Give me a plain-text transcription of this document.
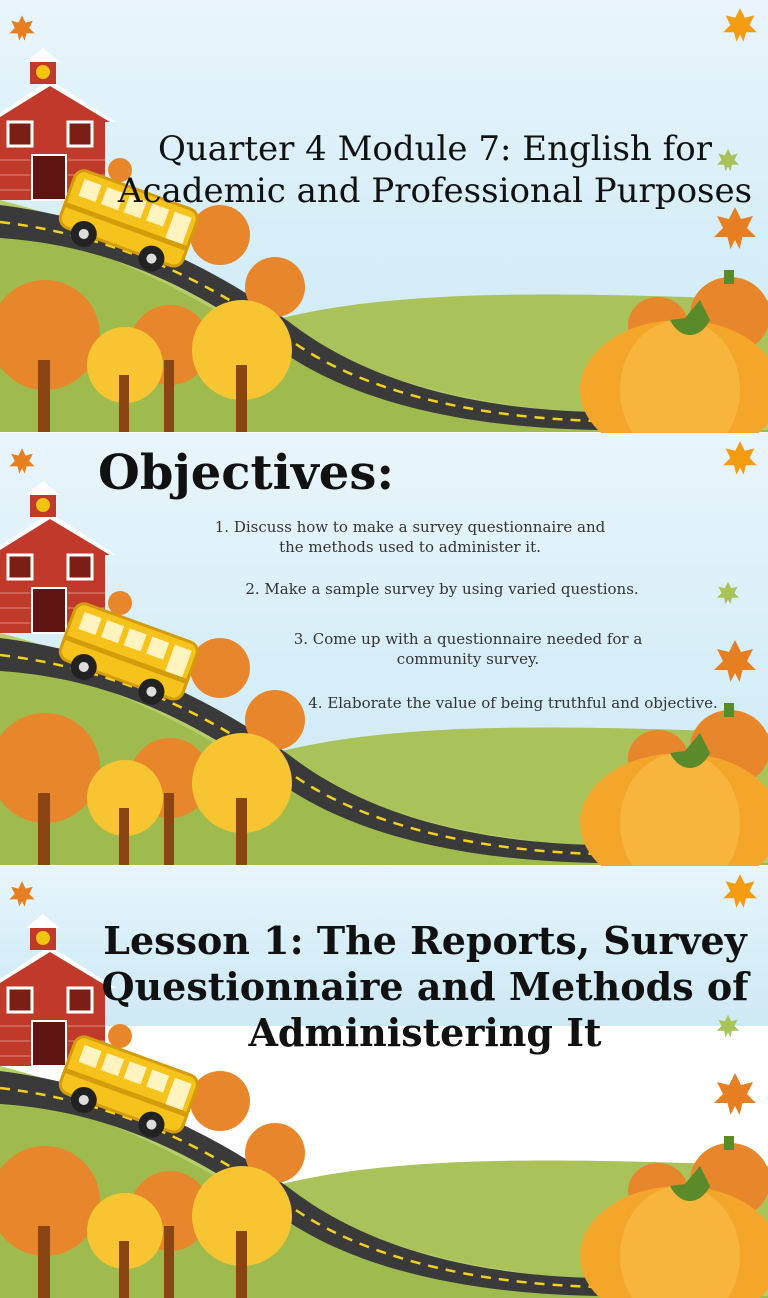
Quarter 4 Module 7: English for
Academic and Professional Purposes
Objectives:
1. Discuss how to make a survey questionnaire and
the methods used to administer it.
2. Make a sample survey by using varied questions.
3. Come up with a questionnaire needed for a
community survey.
4. Elaborate the value of being truthful and objective.
Lesson 1: The Reports, Survey
Questionnaire and Methods of
Administering It
